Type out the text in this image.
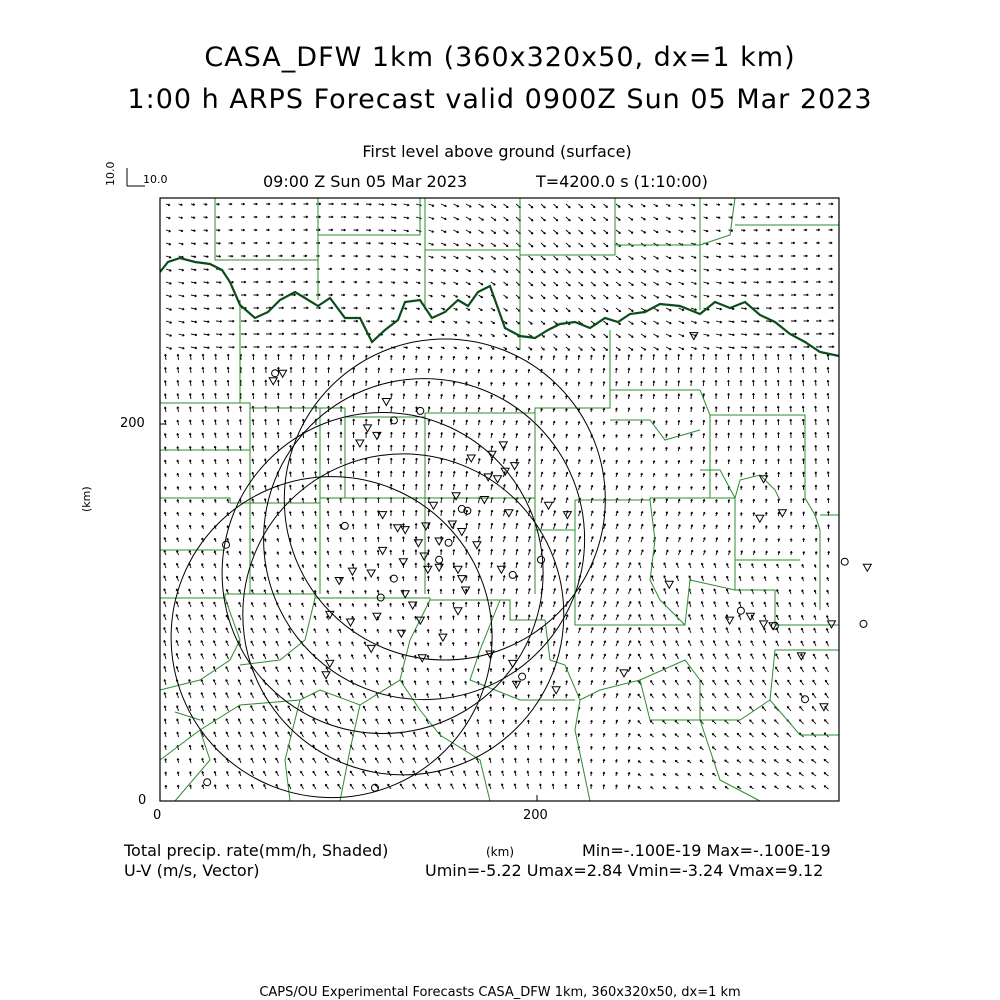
CASA_DFW 1km (360x320x50, dx=1 km)
1:00 h ARPS Forecast valid 0900Z Sun 05 Mar 2023
First level above ground (surface)
09:00 Z Sun 05 Mar 2023	T=4200.0 s (1:10:00)
10.0
10.0
(km)
0
200
0	200
(km)
Total precip. rate(mm/h, Shaded)
U-V (m/s, Vector)
Min=-.100E-19 Max=-.100E-19
Umin=-5.22 Umax=2.84 Vmin=-3.24 Vmax=9.12
CAPS/OU Experimental Forecasts CASA_DFW 1km, 360x320x50, dx=1 km
